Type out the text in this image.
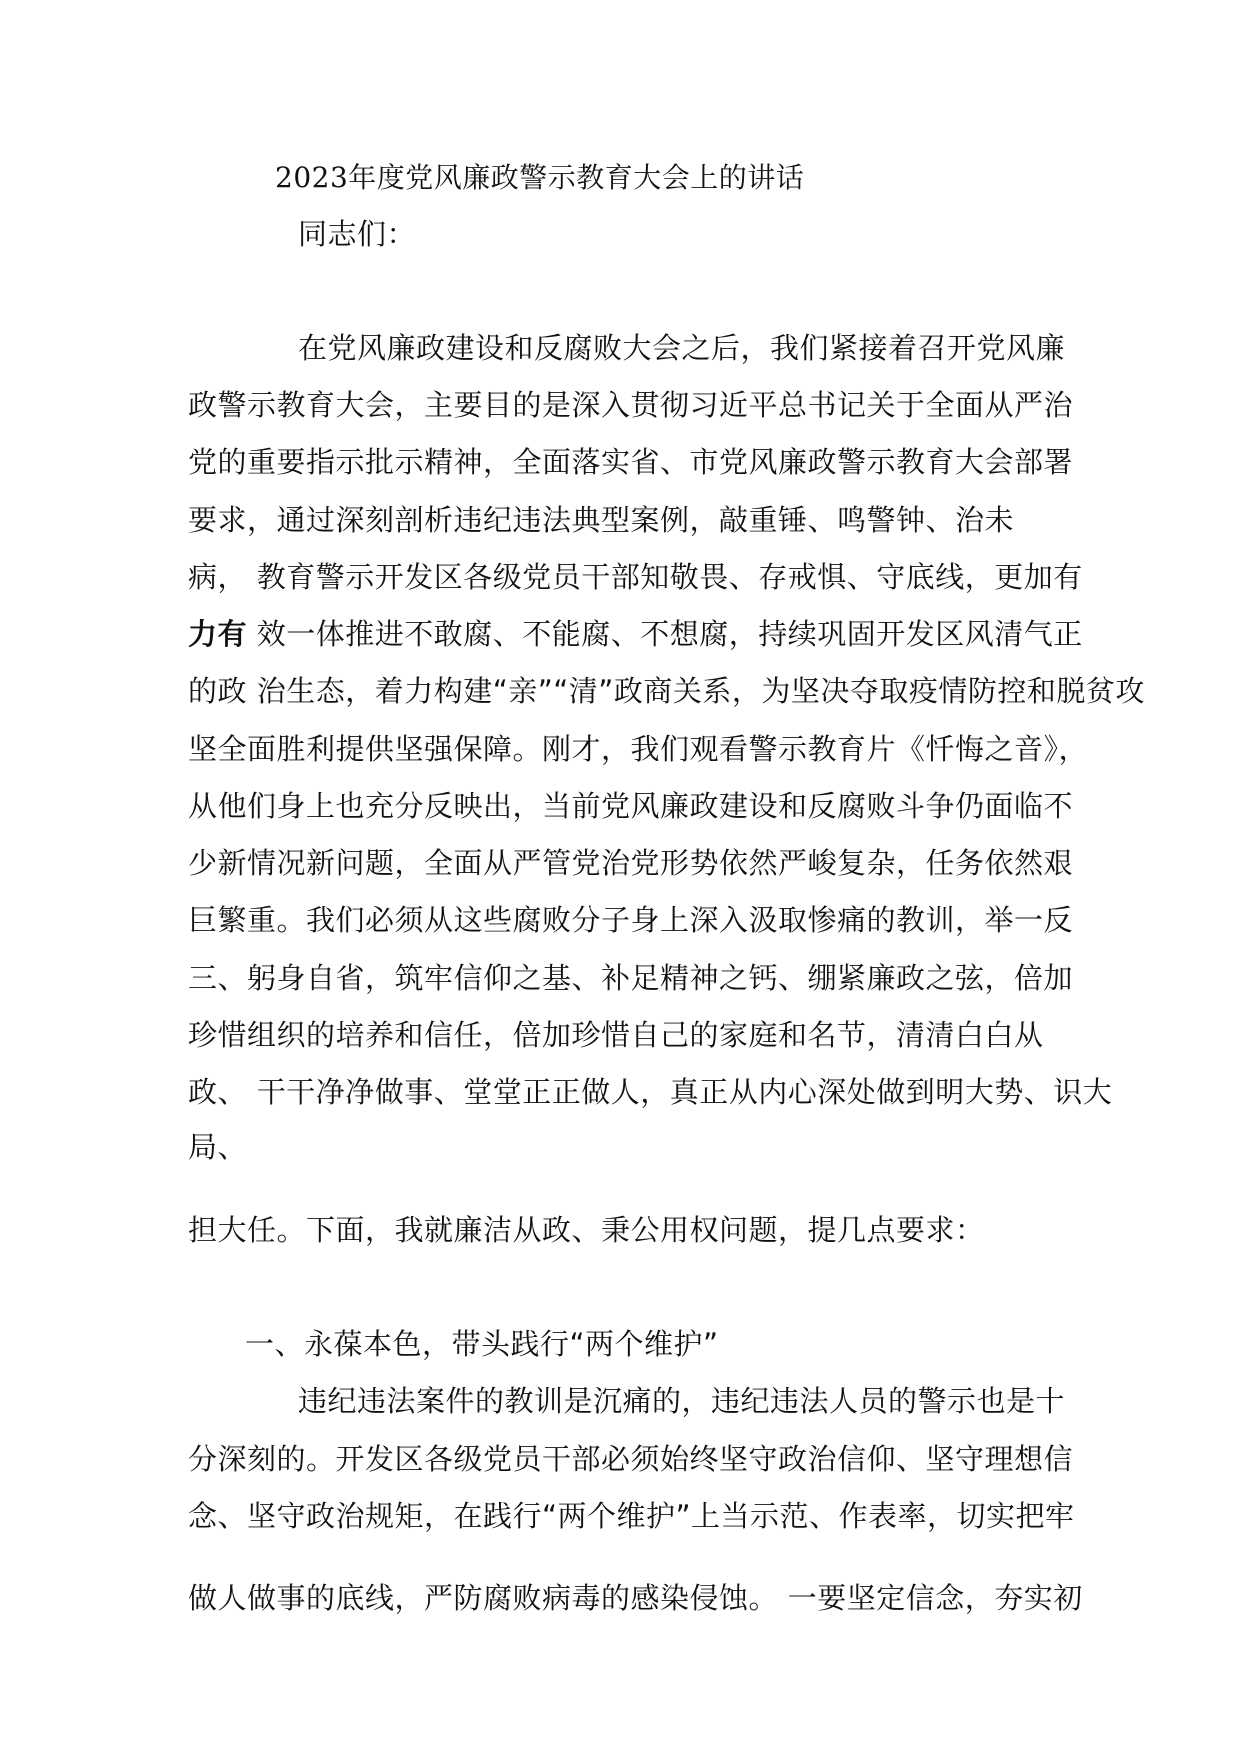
2023年度党风廉政警示教育大会上的讲话
同志们：
在党风廉政建设和反腐败大会之后，我们紧接着召开党风廉
政警示教育大会，主要目的是深入贯彻习近平总书记关于全面从严治
党的重要指示批示精神，全面落实省、市党风廉政警示教育大会部署
要求，通过深刻剖析违纪违法典型案例，敲重锤、鸣警钟、治未
病， 教育警示开发区各级党员干部知敬畏、存戒惧、守底线，更加有
力有 效一体推进不敢腐、不能腐、不想腐，持续巩固开发区风清气正
的政 治生态，着力构建“亲”“清”政商关系，为坚决夺取疫情防控和脱贫攻
坚全面胜利提供坚强保障。刚才，我们观看警示教育片《忏悔之音》，
从他们身上也充分反映出，当前党风廉政建设和反腐败斗争仍面临不
少新情况新问题，全面从严管党治党形势依然严峻复杂，任务依然艰
巨繁重。我们必须从这些腐败分子身上深入汲取惨痛的教训，举一反
三、躬身自省，筑牢信仰之基、补足精神之钙、绷紧廉政之弦，倍加
珍惜组织的培养和信任，倍加珍惜自己的家庭和名节，清清白白从
政、 干干净净做事、堂堂正正做人，真正从内心深处做到明大势、识大
局、
担大任。下面，我就廉洁从政、秉公用权问题，提几点要求：
一、永葆本色，带头践行“两个维护”
违纪违法案件的教训是沉痛的，违纪违法人员的警示也是十
分深刻的。开发区各级党员干部必须始终坚守政治信仰、坚守理想信
念、坚守政治规矩，在践行“两个维护”上当示范、作表率，切实把牢
做人做事的底线，严防腐败病毒的感染侵蚀。 一要坚定信念，夯实初
